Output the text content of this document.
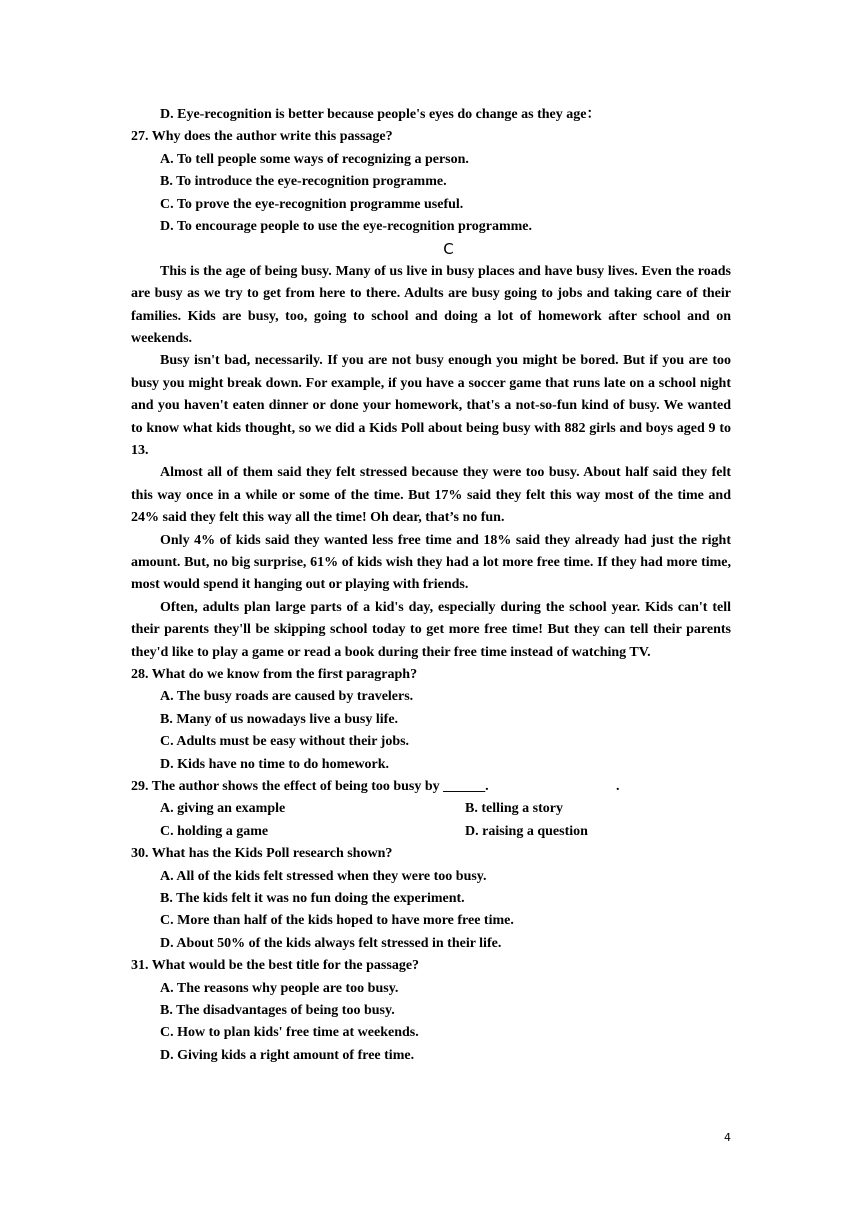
D. Eye-recognition is better because people's eyes do change as they age：
27. Why does the author write this passage?
A. To tell people some ways of recognizing a person.
B. To introduce the eye-recognition programme.
C. To prove the eye-recognition programme useful.
D. To encourage people to use the eye-recognition programme.
C

This is the age of being busy. Many of us live in busy places and have busy lives. Even the roads are busy as we try to get from here to there. Adults are busy going to jobs and taking care of their families. Kids are busy, too, going to school and doing a lot of homework after school and on weekends.

Busy isn't bad, necessarily. If you are not busy enough you might be bored. But if you are too busy you might break down. For example, if you have a soccer game that runs late on a school night and you haven't eaten dinner or done your homework, that's a not-so-fun kind of busy. We wanted to know what kids thought, so we did a Kids Poll about being busy with 882 girls and boys aged 9 to 13.

Almost all of them said they felt stressed because they were too busy. About half said they felt this way once in a while or some of the time. But 17% said they felt this way most of the time and 24% said they felt this way all the time! Oh dear, that’s no fun.

Only 4% of kids said they wanted less free time and 18% said they already had just the right amount. But, no big surprise, 61% of kids wish they had a lot more free time. If they had more time, most would spend it hanging out or playing with friends.

Often, adults plan large parts of a kid's day, especially during the school year. Kids can't tell their parents they'll be skipping school today to get more free time! But they can tell their parents they'd like to play a game or read a book during their free time instead of watching TV.

28. What do we know from the first paragraph?
A. The busy roads are caused by travelers.
B. Many of us nowadays live a busy life.
C. Adults must be easy without their jobs.
D. Kids have no time to do homework.
29. The author shows the effect of being too busy by ______.	.
A. giving an example	B. telling a story
C. holding a game	D. raising a question
30. What has the Kids Poll research shown?
A. All of the kids felt stressed when they were too busy.
B. The kids felt it was no fun doing the experiment.
C. More than half of the kids hoped to have more free time.
D. About 50% of the kids always felt stressed in their life.
31. What would be the best title for the passage?
A. The reasons why people are too busy.
B. The disadvantages of being too busy.
C. How to plan kids' free time at weekends.
D. Giving kids a right amount of free time.
4
